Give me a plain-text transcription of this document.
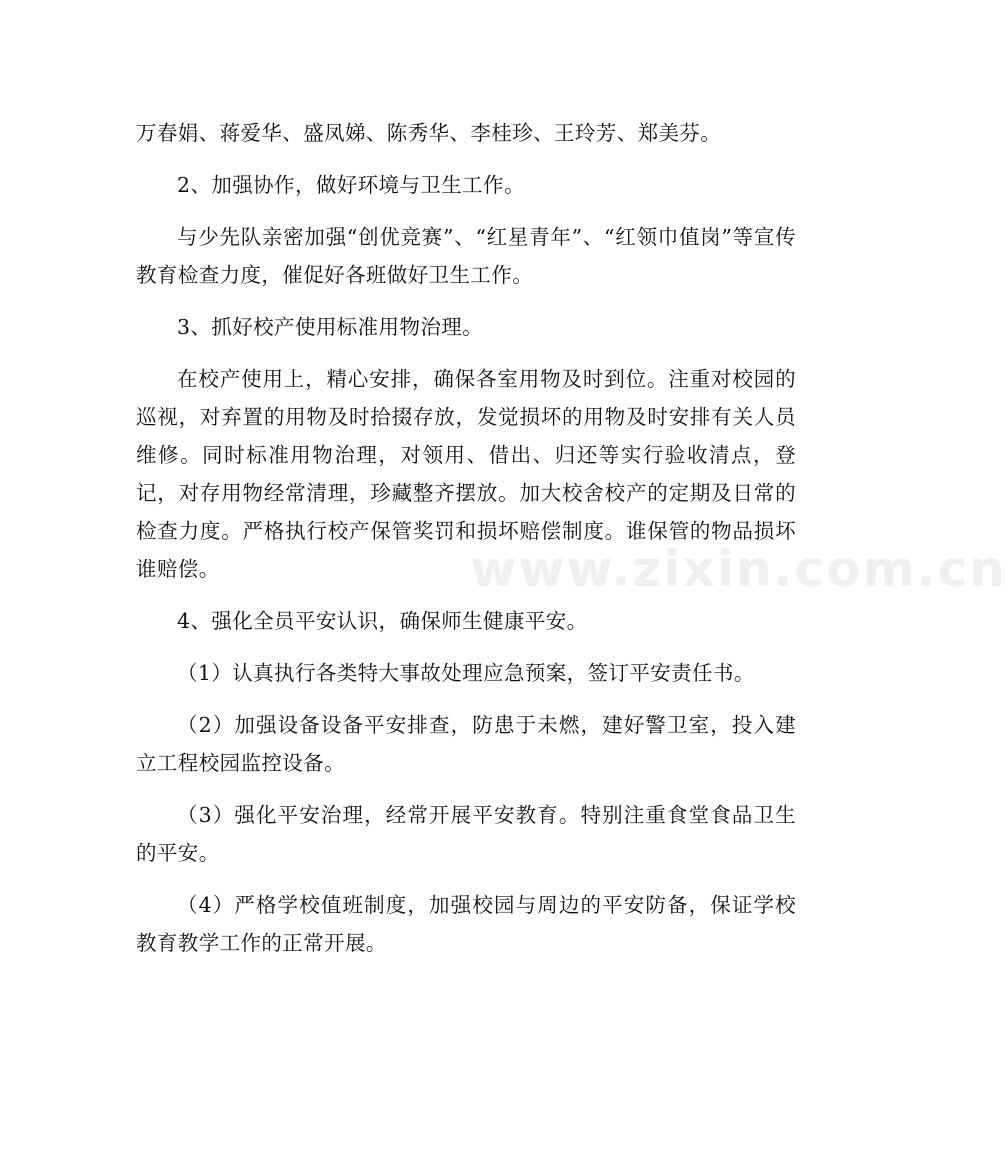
万春娟、蒋爱华、盛凤娣、陈秀华、李桂珍、王玲芳、郑美芬。

2、加强协作，做好环境与卫生工作。

与少先队亲密加强“创优竞赛”、“红星青年”、“红领巾值岗”等宣传教育检查力度，催促好各班做好卫生工作。

3、抓好校产使用标准用物治理。

在校产使用上，精心安排，确保各室用物及时到位。注重对校园的巡视，对弃置的用物及时拾掇存放，发觉损坏的用物及时安排有关人员维修。同时标准用物治理，对领用、借出、归还等实行验收清点，登记，对存用物经常清理，珍藏整齐摆放。加大校舍校产的定期及日常的检查力度。严格执行校产保管奖罚和损坏赔偿制度。谁保管的物品损坏谁赔偿。

4、强化全员平安认识，确保师生健康平安。

（1）认真执行各类特大事故处理应急预案，签订平安责任书。

（2）加强设备设备平安排查，防患于未燃，建好警卫室，投入建立工程校园监控设备。

（3）强化平安治理，经常开展平安教育。特别注重食堂食品卫生的平安。

（4）严格学校值班制度，加强校园与周边的平安防备，保证学校教育教学工作的正常开展。

www.zixin.com.cn
